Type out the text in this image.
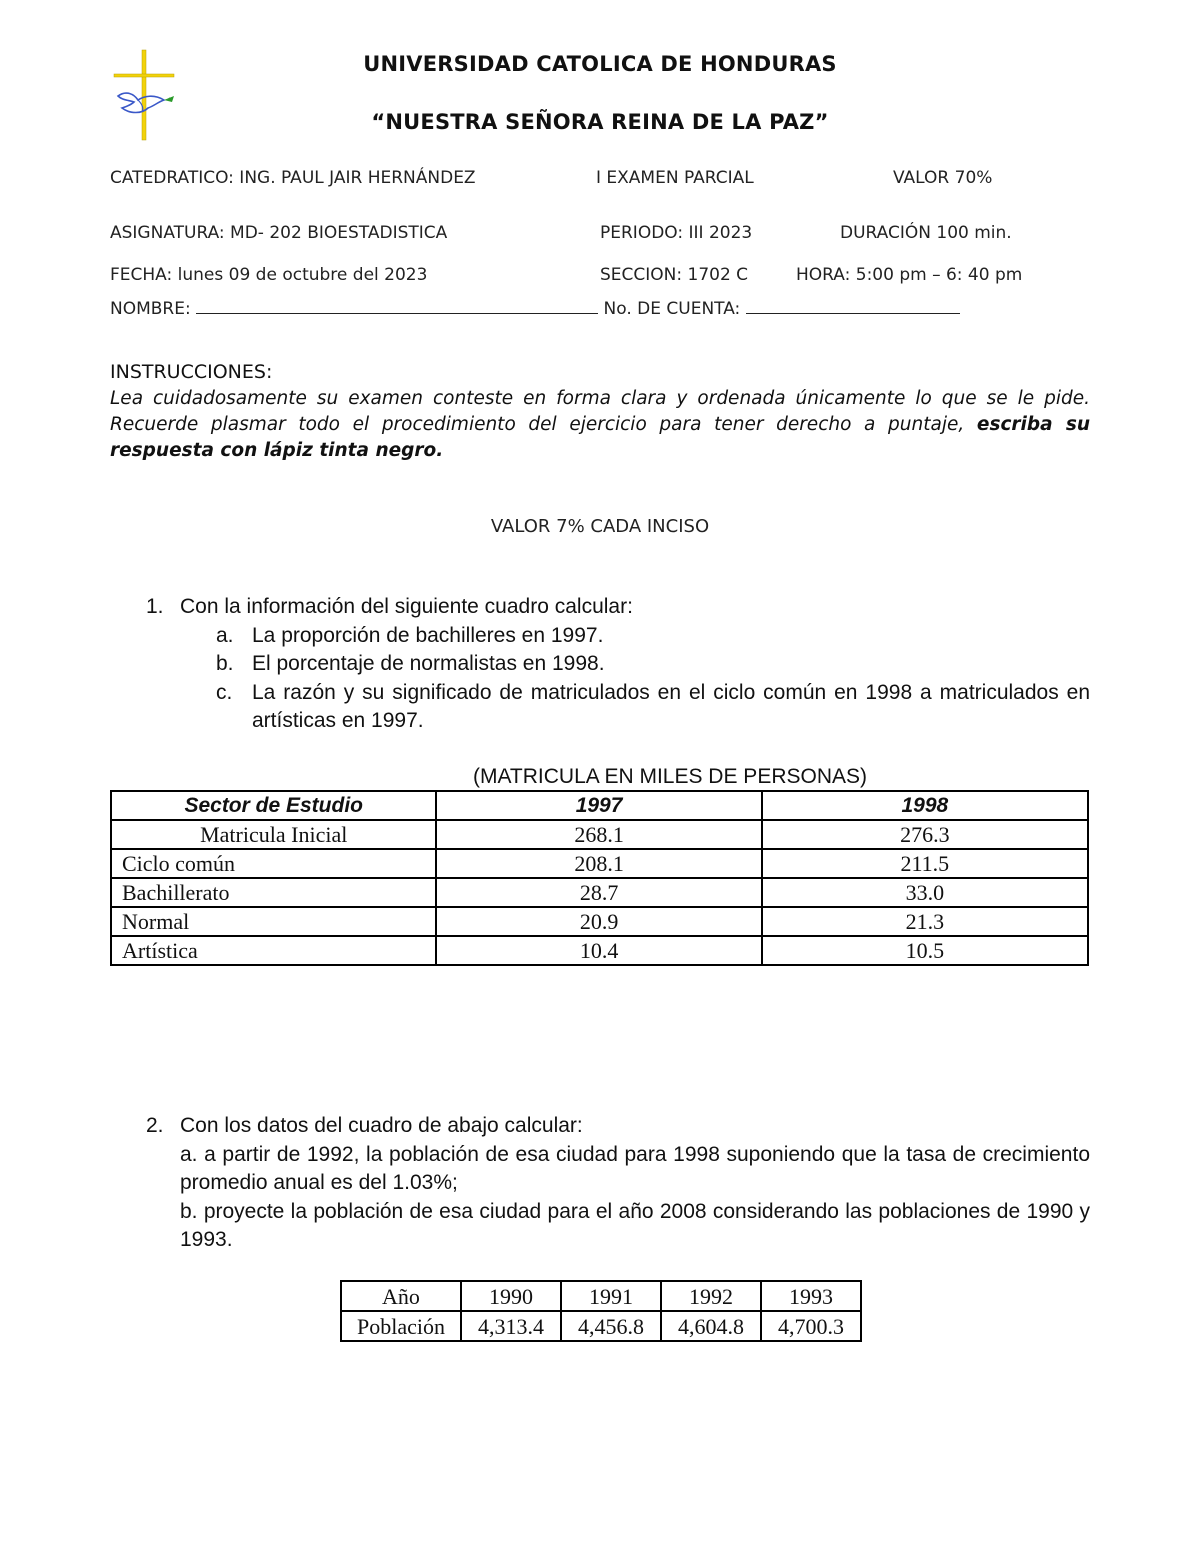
UNIVERSIDAD CATOLICA DE HONDURAS
“NUESTRA SEÑORA REINA DE LA PAZ”
CATEDRATICO: ING. PAUL JAIR HERNÁNDEZ	I EXAMEN PARCIAL	VALOR 70%
ASIGNATURA: MD- 202 BIOESTADISTICA	PERIODO: III 2023	DURACIÓN 100 min.
FECHA: lunes 09 de octubre del 2023	SECCION: 1702 C	HORA: 5:00 pm – 6: 40 pm
NOMBRE:	No. DE CUENTA:
INSTRUCCIONES:
Lea cuidadosamente su examen conteste en forma clara y ordenada únicamente lo que se le pide. Recuerde plasmar todo el procedimiento del ejercicio para tener derecho a puntaje, escriba su respuesta con lápiz tinta negro.
VALOR 7% CADA INCISO
1. Con la información del siguiente cuadro calcular:
a. La proporción de bachilleres en 1997.
b. El porcentaje de normalistas en 1998.
c. La razón y su significado de matriculados en el ciclo común en 1998 a matriculados en artísticas en 1997.
(MATRICULA EN MILES DE PERSONAS)
Sector de Estudio	1997	1998
Matricula Inicial	268.1	276.3
Ciclo común	208.1	211.5
Bachillerato	28.7	33.0
Normal	20.9	21.3
Artística	10.4	10.5
2. Con los datos del cuadro de abajo calcular:
a. a partir de 1992, la población de esa ciudad para 1998 suponiendo que la tasa de crecimiento promedio anual es del 1.03%;
b. proyecte la población de esa ciudad para el año 2008 considerando las poblaciones de 1990 y 1993.
Año	1990	1991	1992	1993
Población	4,313.4	4,456.8	4,604.8	4,700.3
